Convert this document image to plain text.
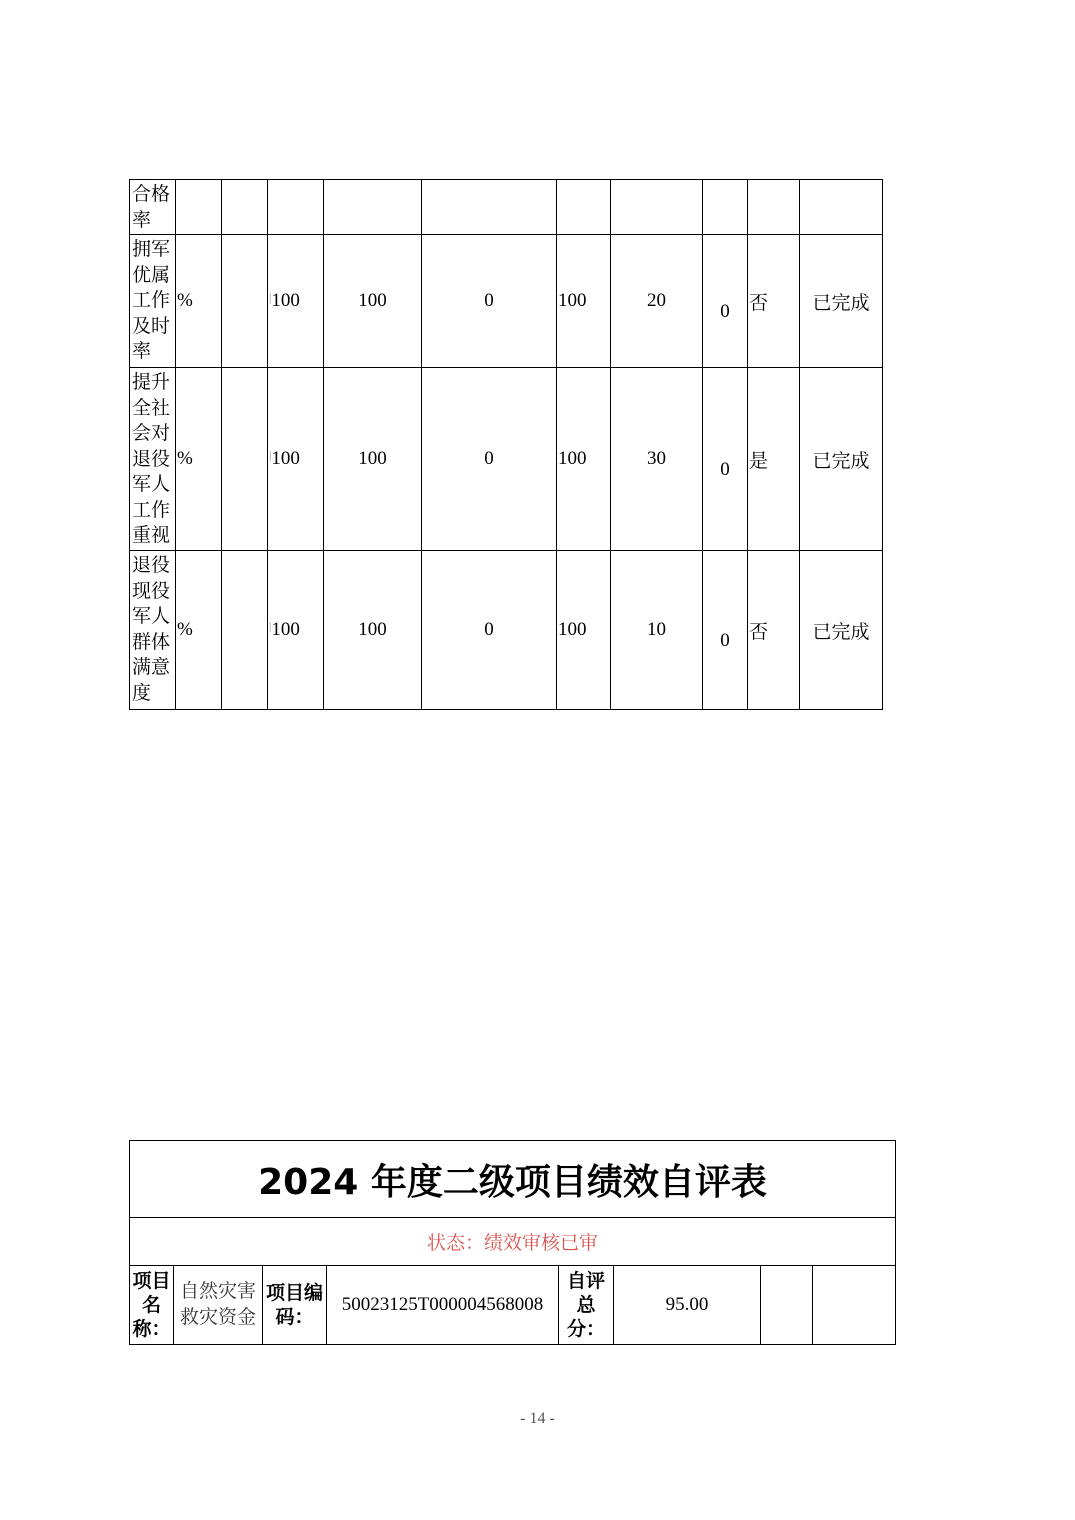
合格率										
拥军优属工作及时率	%		|100	100	0	100	20	0	否	已完成
提升全社会对退役军人工作重视	%		|100	100	0	100	30	0	是	已完成
退役现役军人群体满意度	%		|100	100	0	100	10	0	否	已完成
2024 年度二级项目绩效自评表
状态：绩效审核已审
项目名称：	自然灾害救灾资金	项目编码：	50023125T000004568008	自评总分：	95.00		
- 14 -
